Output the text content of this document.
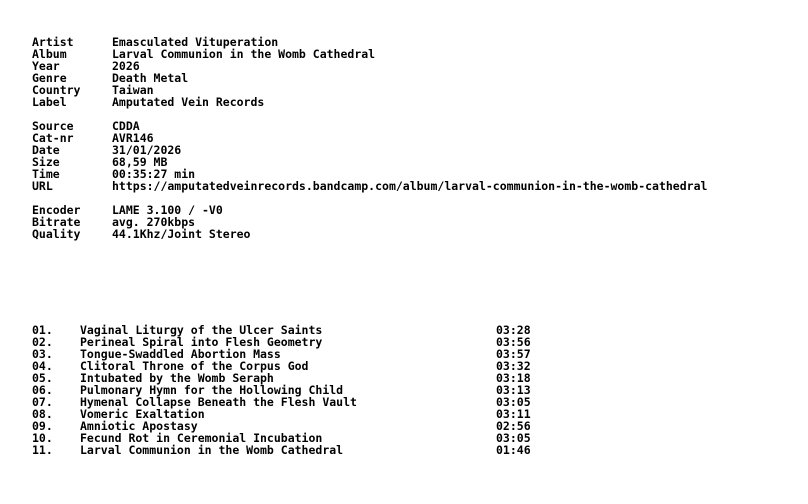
Artist	Emasculated Vituperation
Album	Larval Communion in the Womb Cathedral
Year	2026
Genre	Death Metal
Country	Taiwan
Label	Amputated Vein Records
Source	CDDA
Cat-nr	AVR146
Date	31/01/2026
Size	68,59 MB
Time	00:35:27 min
URL	https://amputatedveinrecords.bandcamp.com/album/larval-communion-in-the-womb-cathedral
Encoder	LAME 3.100 / -V0
Bitrate	avg. 270kbps
Quality	44.1Khz/Joint Stereo
01.	Vaginal Liturgy of the Ulcer Saints	03:28
02.	Perineal Spiral into Flesh Geometry	03:56
03.	Tongue-Swaddled Abortion Mass	03:57
04.	Clitoral Throne of the Corpus God	03:32
05.	Intubated by the Womb Seraph	03:18
06.	Pulmonary Hymn for the Hollowing Child	03:13
07.	Hymenal Collapse Beneath the Flesh Vault	03:05
08.	Vomeric Exaltation	03:11
09.	Amniotic Apostasy	02:56
10.	Fecund Rot in Ceremonial Incubation	03:05
11.	Larval Communion in the Womb Cathedral	01:46
